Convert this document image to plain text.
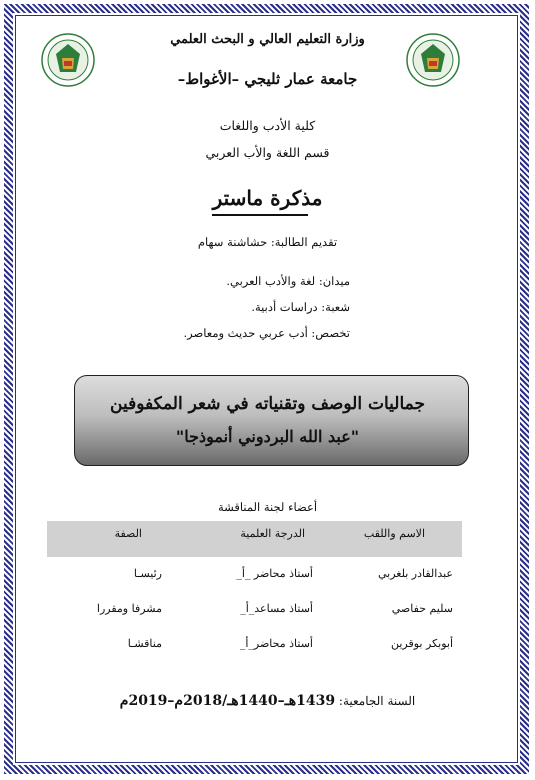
وزارة التعليم العالي و البحث العلمي
جامعة عمار ثليجي –الأغواط–
كلية الأدب واللغات
قسم اللغة والأب العربي
مذكرة ماستر
تقديم الطالبة: حشاشنة سهام
ميدان: لغة والأدب العربي.
شعبة: دراسات أدبية.
تخصص: أدب عربي حديث ومعاصر.
جماليات الوصف وتقنياته في شعر المكفوفين
"عبد الله البردوني أنموذجا"
أعضاء لجنة المناقشة
الاسم واللقب
الدرجة العلمية
الصفة
عبدالقادر بلغربي
أستاذ محاضر _أ_
رئيسـا
سليم حفاصي
أستاذ مساعد_أ_
مشرفا ومقررا
أبوبكر بوقرين
أستاذ محاضر_أ_
مناقشـا
السنة الجامعية: 1439هـ–1440هـ/2018م–2019م
